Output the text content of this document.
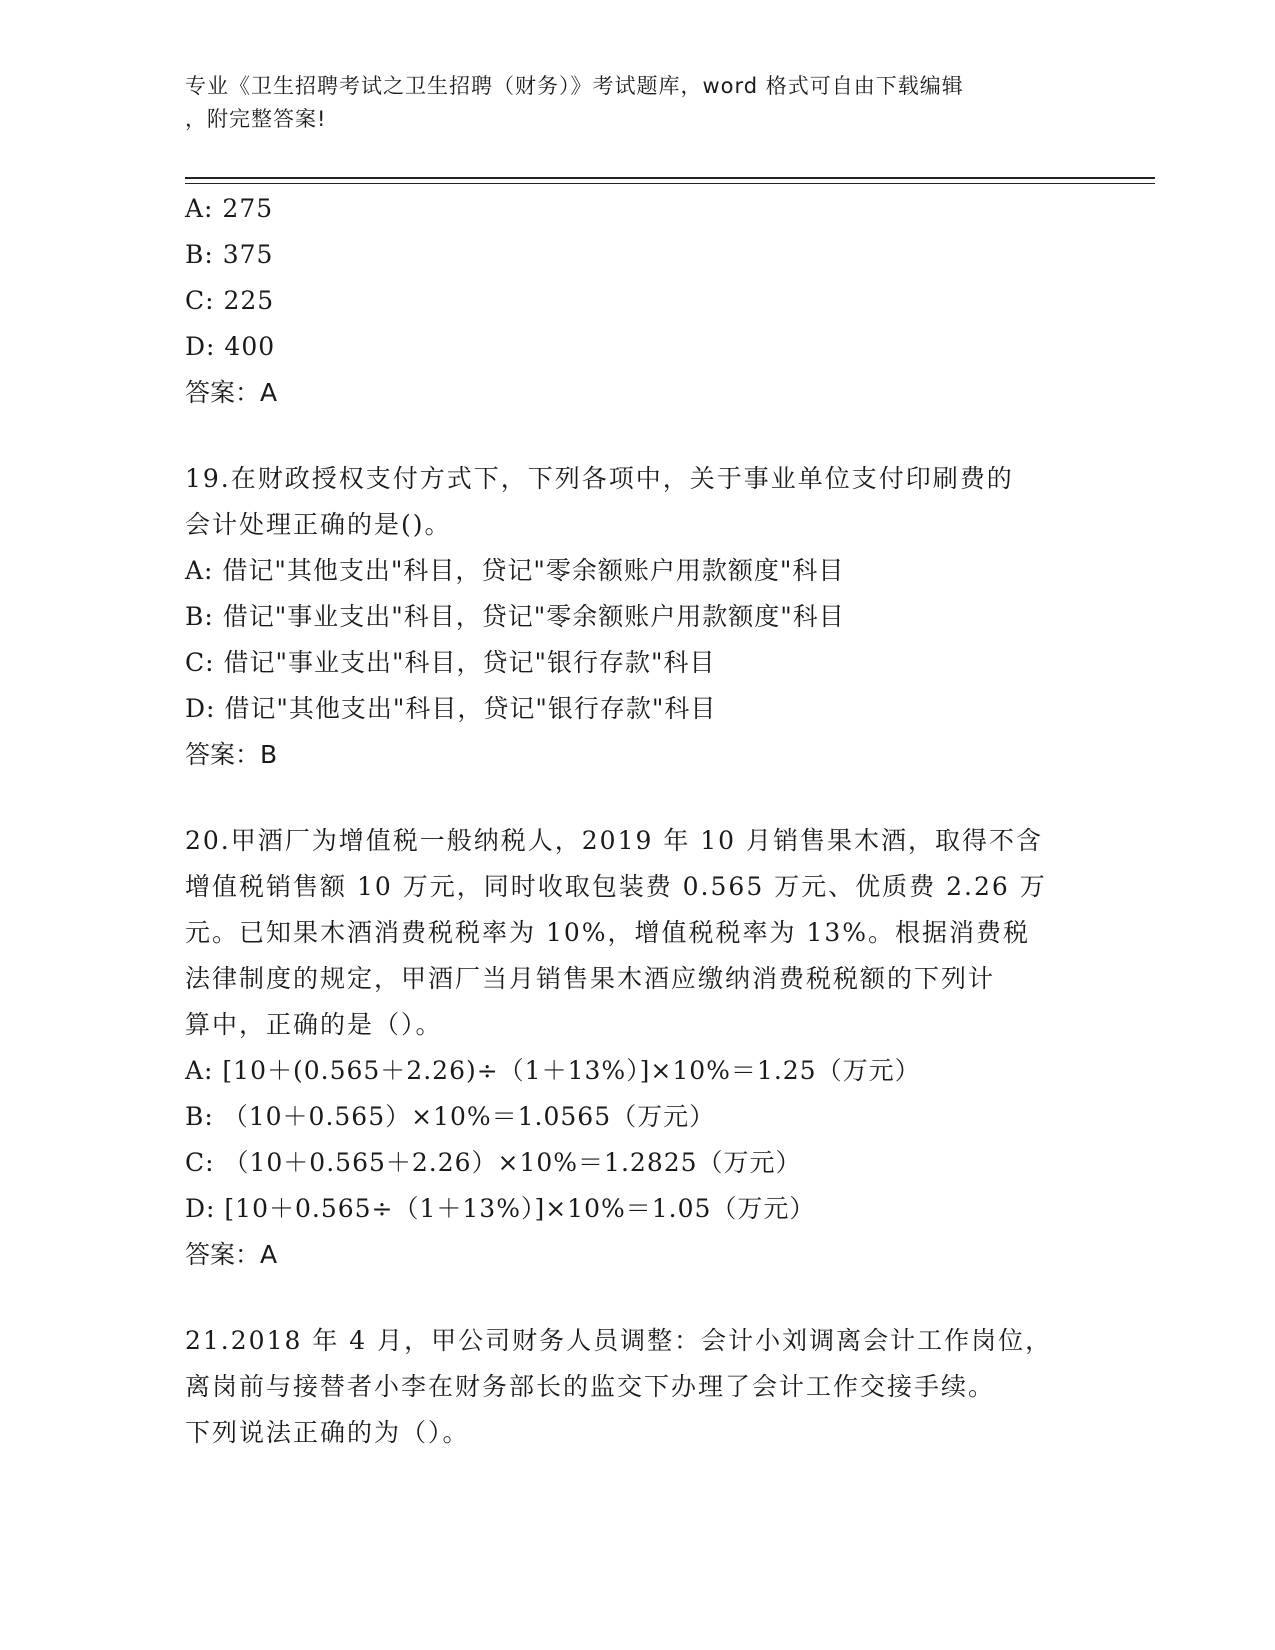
专业《卫生招聘考试之卫生招聘（财务）》考试题库，word 格式可自由下载编辑
，附完整答案!
A: 275
B: 375
C: 225
D: 400
答案：A
19.在财政授权支付方式下，下列各项中，关于事业单位支付印刷费的
会计处理正确的是()。
A: 借记"其他支出"科目，贷记"零余额账户用款额度"科目
B: 借记"事业支出"科目，贷记"零余额账户用款额度"科目
C: 借记"事业支出"科目，贷记"银行存款"科目
D: 借记"其他支出"科目，贷记"银行存款"科目
答案：B
20.甲酒厂为增值税一般纳税人，2019 年 10 月销售果木酒，取得不含
增值税销售额 10 万元，同时收取包装费 0.565 万元、优质费 2.26 万
元。已知果木酒消费税税率为 10%，增值税税率为 13%。根据消费税
法律制度的规定，甲酒厂当月销售果木酒应缴纳消费税税额的下列计
算中，正确的是（）。
A: [10＋(0.565＋2.26)÷（1＋13%）]×10%＝1.25（万元）
B: （10＋0.565）×10%＝1.0565（万元）
C: （10＋0.565＋2.26）×10%＝1.2825（万元）
D: [10＋0.565÷（1＋13%）]×10%＝1.05（万元）
答案：A
21.2018 年 4 月，甲公司财务人员调整：会计小刘调离会计工作岗位，
离岗前与接替者小李在财务部长的监交下办理了会计工作交接手续。
下列说法正确的为（）。
